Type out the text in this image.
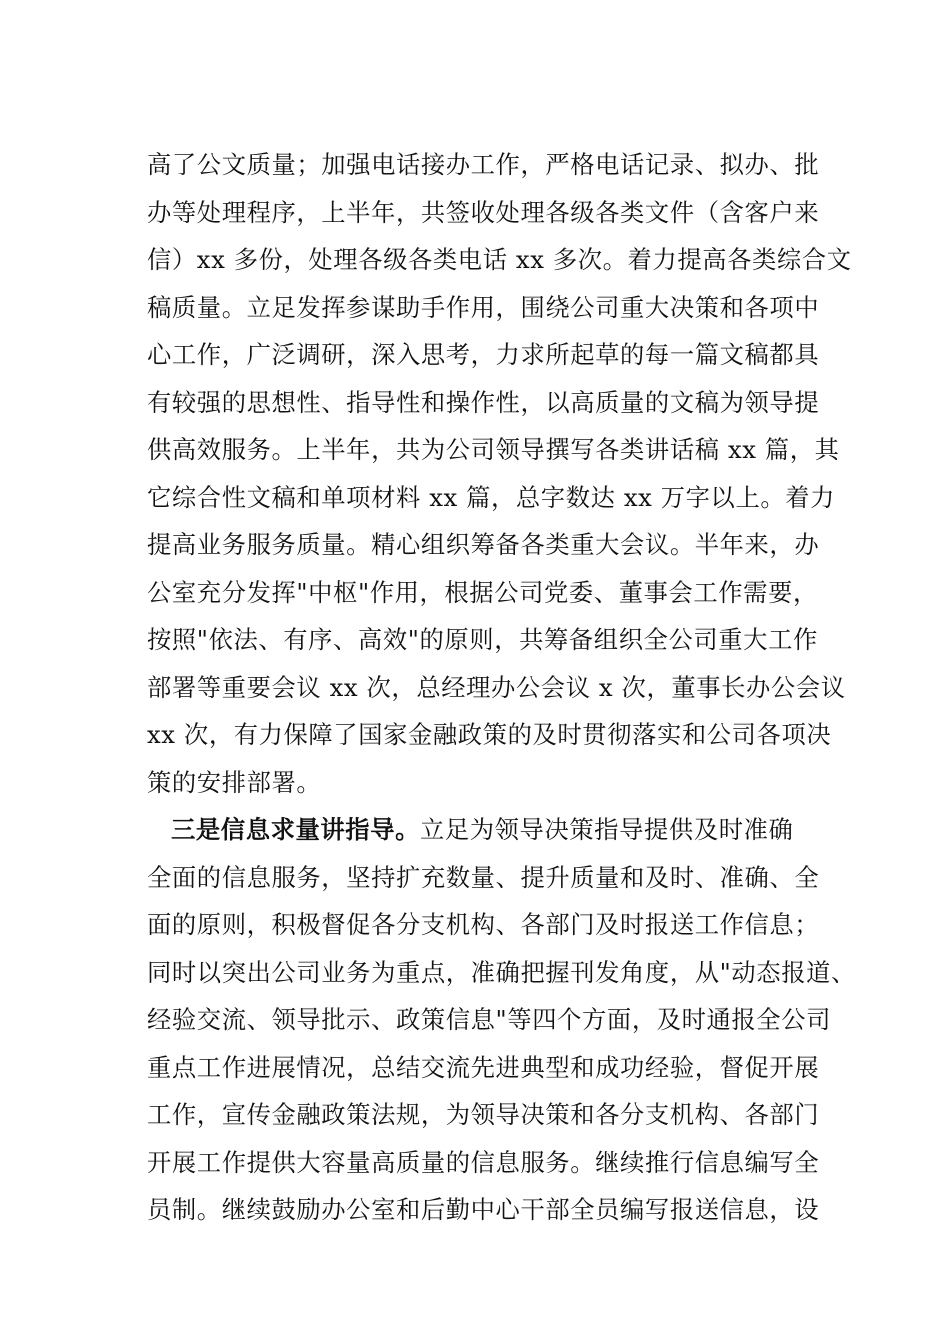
高了公文质量；加强电话接办工作，严格电话记录、拟办、批
办等处理程序，上半年，共签收处理各级各类文件（含客户来
信）xx 多份，处理各级各类电话 xx 多次。着力提高各类综合文
稿质量。立足发挥参谋助手作用，围绕公司重大决策和各项中
心工作，广泛调研，深入思考，力求所起草的每一篇文稿都具
有较强的思想性、指导性和操作性，以高质量的文稿为领导提
供高效服务。上半年，共为公司领导撰写各类讲话稿 xx 篇，其
它综合性文稿和单项材料 xx 篇，总字数达 xx 万字以上。着力
提高业务服务质量。精心组织筹备各类重大会议。半年来，办
公室充分发挥"中枢"作用，根据公司党委、董事会工作需要，
按照"依法、有序、高效"的原则，共筹备组织全公司重大工作
部署等重要会议 xx 次，总经理办公会议 x 次，董事长办公会议
xx 次，有力保障了国家金融政策的及时贯彻落实和公司各项决
策的安排部署。
三是信息求量讲指导。立足为领导决策指导提供及时准确
全面的信息服务，坚持扩充数量、提升质量和及时、准确、全
面的原则，积极督促各分支机构、各部门及时报送工作信息；
同时以突出公司业务为重点，准确把握刊发角度，从"动态报道、
经验交流、领导批示、政策信息"等四个方面，及时通报全公司
重点工作进展情况，总结交流先进典型和成功经验，督促开展
工作，宣传金融政策法规，为领导决策和各分支机构、各部门
开展工作提供大容量高质量的信息服务。继续推行信息编写全
员制。继续鼓励办公室和后勤中心干部全员编写报送信息，设
